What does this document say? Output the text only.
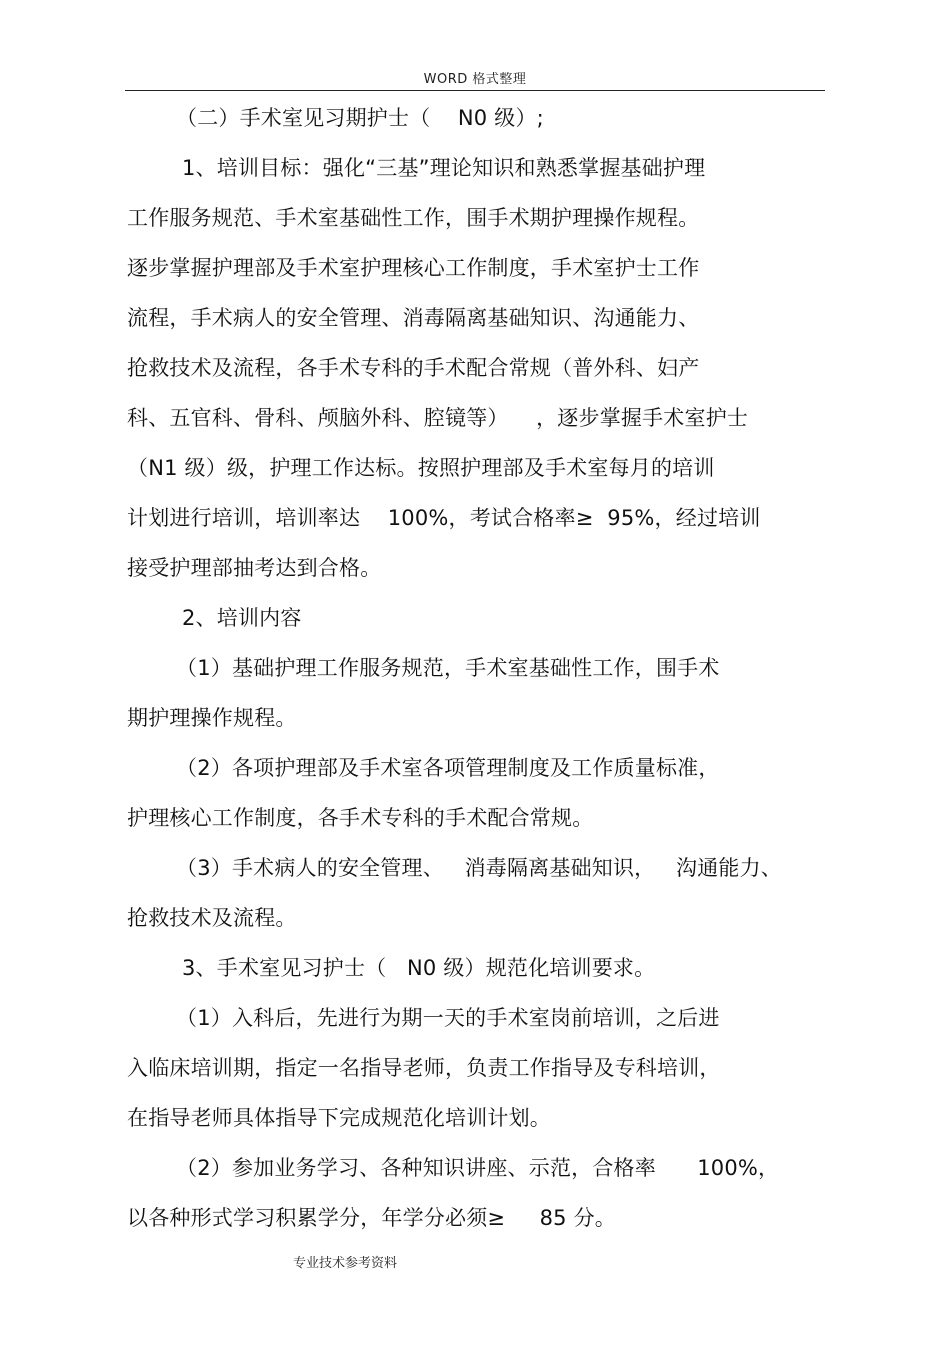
WORD 格式整理
（二）手术室见习期护士（    N0 级）;
1、培训目标：强化“三基”理论知识和熟悉掌握基础护理
工作服务规范、手术室基础性工作，围手术期护理操作规程。
逐步掌握护理部及手术室护理核心工作制度，手术室护士工作
流程，手术病人的安全管理、消毒隔离基础知识、沟通能力、
抢救技术及流程，各手术专科的手术配合常规（普外科、妇产
科、五官科、骨科、颅脑外科、腔镜等）    ，逐步掌握手术室护士
（N1 级）级，护理工作达标。按照护理部及手术室每月的培训
计划进行培训，培训率达    100%，考试合格率≥  95%，经过培训
接受护理部抽考达到合格。
2、培训内容
（1）基础护理工作服务规范，手术室基础性工作，围手术
期护理操作规程。
（2）各项护理部及手术室各项管理制度及工作质量标准，
护理核心工作制度，各手术专科的手术配合常规。
（3）手术病人的安全管理、   消毒隔离基础知识，   沟通能力、
抢救技术及流程。
3、手术室见习护士（   N0 级）规范化培训要求。
（1）入科后，先进行为期一天的手术室岗前培训，之后进
入临床培训期，指定一名指导老师，负责工作指导及专科培训，
在指导老师具体指导下完成规范化培训计划。
（2）参加业务学习、各种知识讲座、示范，合格率      100%，
以各种形式学习积累学分，年学分必须≥     85 分。
专业技术参考资料
